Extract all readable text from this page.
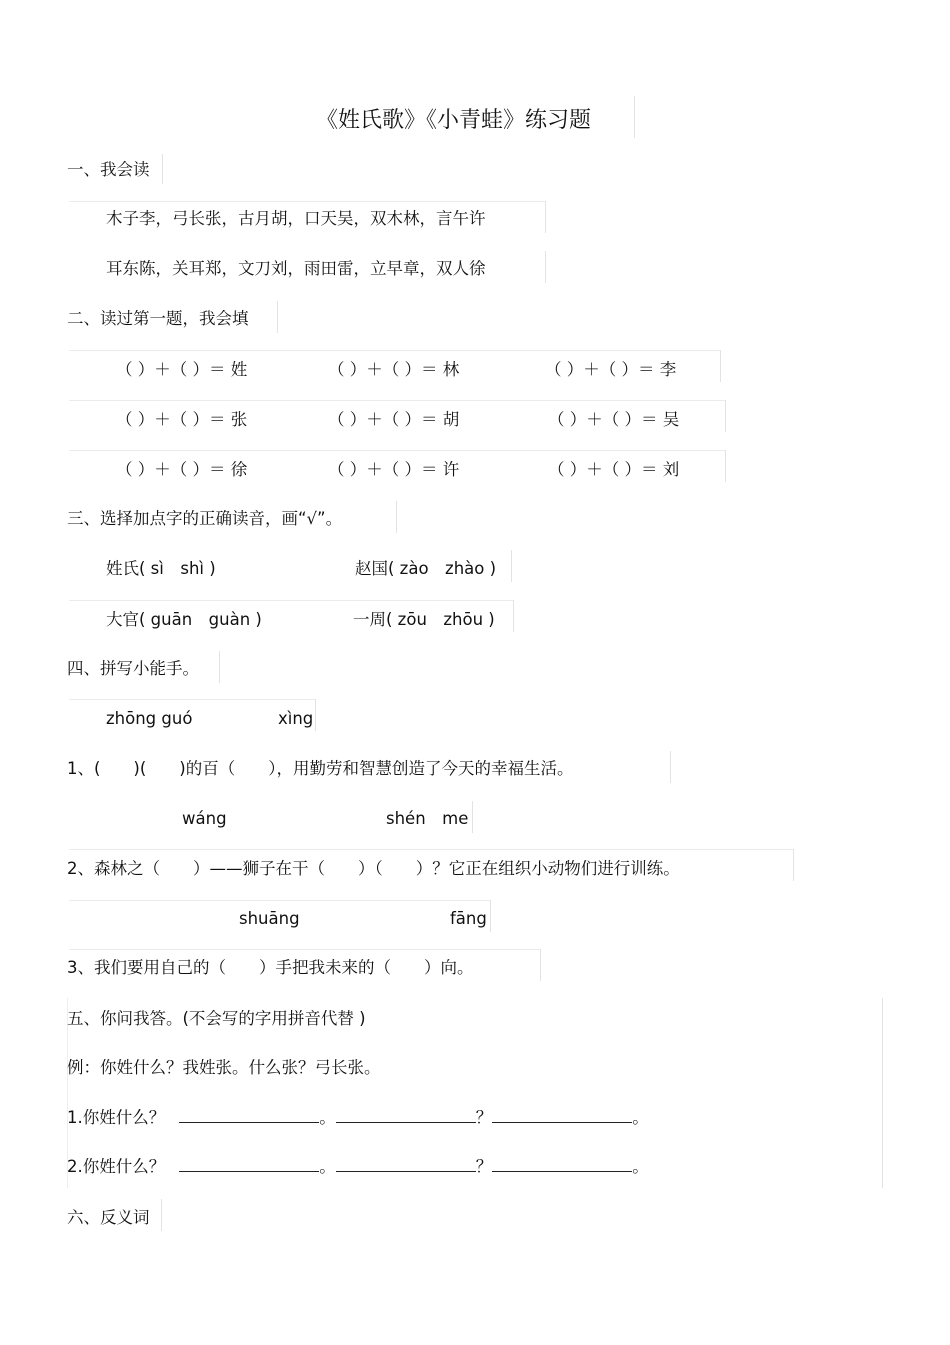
《姓氏歌》《小青蛙》练习题
一、我会读
木子李，弓长张，古月胡，口天吴，双木林，言午许
耳东陈，关耳郑，文刀刘，雨田雷，立早章，双人徐
二、读过第一题，我会填
（ ）＋（ ）＝ 姓	（ ）＋（ ）＝ 林	（ ）＋（ ）＝ 李
（ ）＋（ ）＝ 张	（ ）＋（ ）＝ 胡	（ ）＋（ ）＝ 吴
（ ）＋（ ）＝ 徐	（ ）＋（ ）＝ 许	（ ）＋（ ）＝ 刘
三、选择加点字的正确读音，画“√”。
姓氏( sì　shì )	赵国( zào　zhào )
大官( guān　guàn )	一周( zōu　zhōu )
四、拼写小能手。
zhōng guó	xìng
1、(　　)(　　)的百（　　），用勤劳和智慧创造了今天的幸福生活。
wáng	shén　me
2、森林之（　　）——狮子在干（　　）（　　）？它正在组织小动物们进行训练。
shuāng	fāng
3、我们要用自己的（　　）手把我未来的（　　）向。
五、你问我答。(不会写的字用拼音代替 )
例：你姓什么？我姓张。什么张？弓长张。
1.你姓什么？	。	？	。
2.你姓什么？	。	？	。
六、反义词
